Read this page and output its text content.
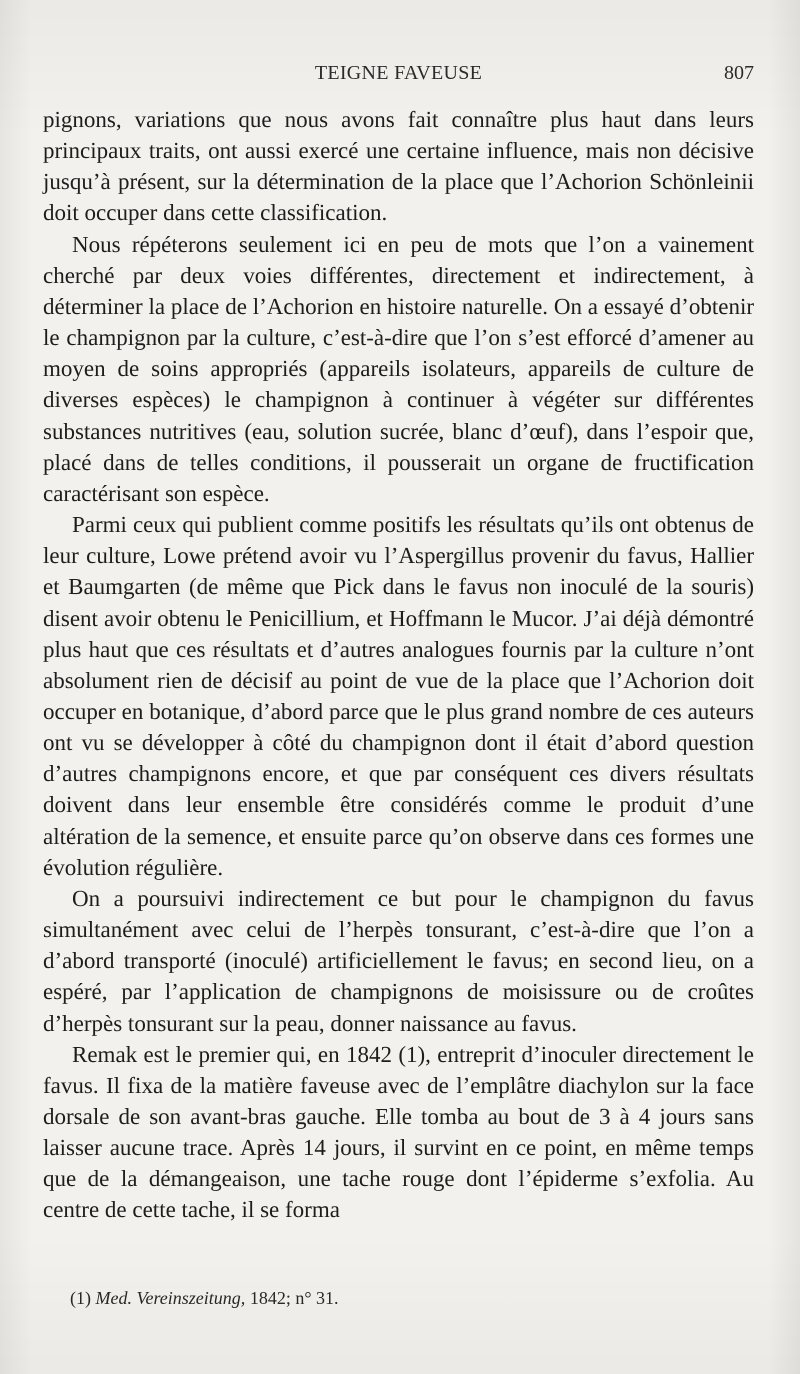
TEIGNE FAVEUSE	807

pignons, variations que nous avons fait connaître plus haut dans leurs principaux traits, ont aussi exercé une certaine influence, mais non décisive jusqu’à présent, sur la détermination de la place que l’Achorion Schönleinii doit occuper dans cette classification.

Nous répéterons seulement ici en peu de mots que l’on a vainement cherché par deux voies différentes, directement et indirectement, à déterminer la place de l’Achorion en histoire naturelle. On a essayé d’obtenir le champignon par la culture, c’est-à-dire que l’on s’est efforcé d’amener au moyen de soins appropriés (appareils isolateurs, appareils de culture de diverses espèces) le champignon à continuer à végéter sur différentes substances nutritives (eau, solution sucrée, blanc d’œuf), dans l’espoir que, placé dans de telles conditions, il pousserait un organe de fructification caractérisant son espèce.

Parmi ceux qui publient comme positifs les résultats qu’ils ont obtenus de leur culture, Lowe prétend avoir vu l’Aspergillus provenir du favus, Hallier et Baumgarten (de même que Pick dans le favus non inoculé de la souris) disent avoir obtenu le Penicillium, et Hoffmann le Mucor. J’ai déjà démontré plus haut que ces résultats et d’autres analogues fournis par la culture n’ont absolument rien de décisif au point de vue de la place que l’Achorion doit occuper en botanique, d’abord parce que le plus grand nombre de ces auteurs ont vu se développer à côté du champignon dont il était d’abord question d’autres champignons encore, et que par conséquent ces divers résultats doivent dans leur ensemble être considérés comme le produit d’une altération de la semence, et ensuite parce qu’on observe dans ces formes une évolution régulière.

On a poursuivi indirectement ce but pour le champignon du favus simultanément avec celui de l’herpès tonsurant, c’est-à-dire que l’on a d’abord transporté (inoculé) artificiellement le favus; en second lieu, on a espéré, par l’application de champignons de moisissure ou de croûtes d’herpès tonsurant sur la peau, donner naissance au favus.

Remak est le premier qui, en 1842 (1), entreprit d’inoculer directement le favus. Il fixa de la matière faveuse avec de l’emplâtre diachylon sur la face dorsale de son avant-bras gauche. Elle tomba au bout de 3 à 4 jours sans laisser aucune trace. Après 14 jours, il survint en ce point, en même temps que de la démangeaison, une tache rouge dont l’épiderme s’exfolia. Au centre de cette tache, il se forma

(1) Med. Vereinszeitung, 1842; n° 31.
